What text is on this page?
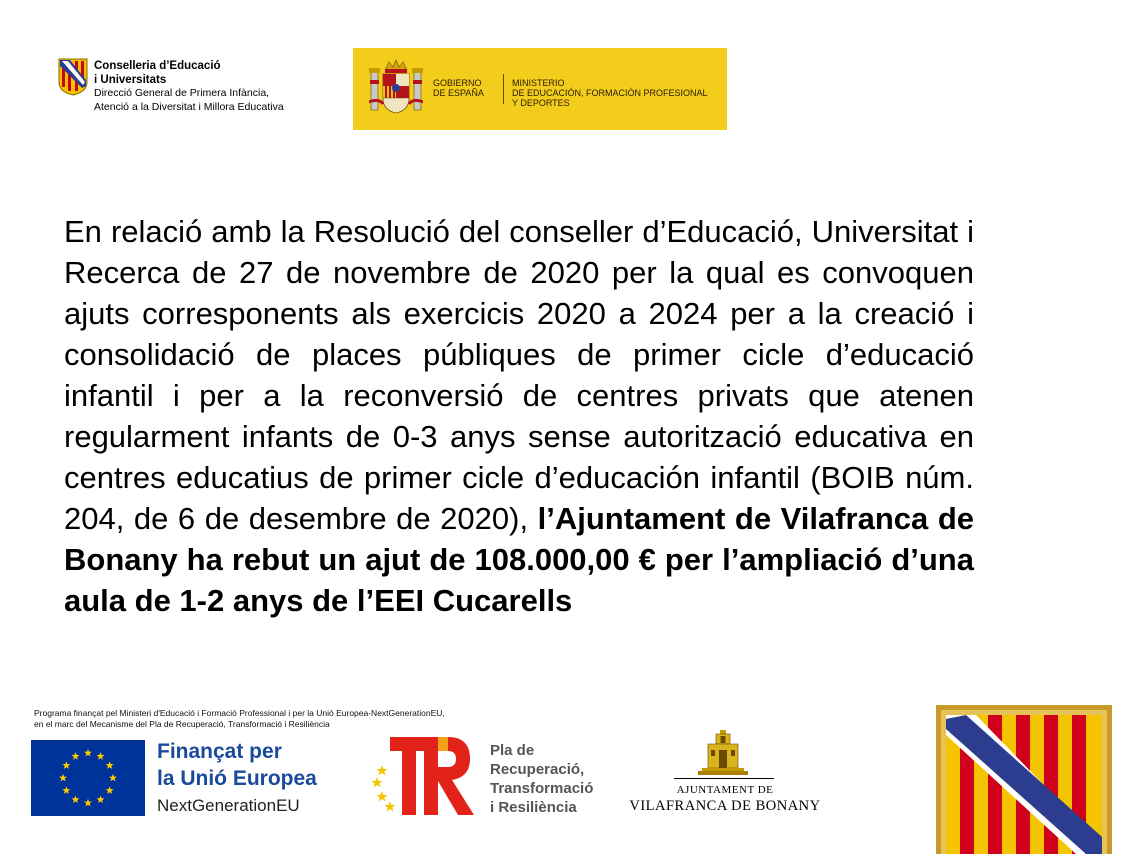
Conselleria d’Educació
i Universitats
Direcció General de Primera Infància,
Atenció a la Diversitat i Millora Educativa
GOBIERNO
DE ESPAÑA
MINISTERIO
DE EDUCACIÓN, FORMACIÓN PROFESIONAL
Y DEPORTES

En relació amb la Resolució del conseller d’Educació, Universitat i Recerca de 27 de novembre de 2020 per la qual es convoquen ajuts corresponents als exercicis 2020 a 2024 per a la creació i consolidació de places públiques de primer cicle d’educació infantil i per a la reconversió de centres privats que atenen regularment infants de 0-3 anys sense autorització educativa en centres educatius de primer cicle d’educación infantil (BOIB núm. 204, de 6 de desembre de 2020), l’Ajuntament de Vilafranca de Bonany ha rebut un ajut de 108.000,00 € per l’ampliació d’una aula de 1-2 anys de l’EEI Cucarells

Programa finançat pel Ministeri d'Educació i Formació Professional i per la Unió Europea-NextGenerationEU,
en el marc del Mecanisme del Pla de Recuperació, Transformació i Resiliència
Finançat per
la Unió Europea
NextGenerationEU
Pla de
Recuperació,
Transformació
i Resiliència
AJUNTAMENT DE
VILAFRANCA DE BONANY
